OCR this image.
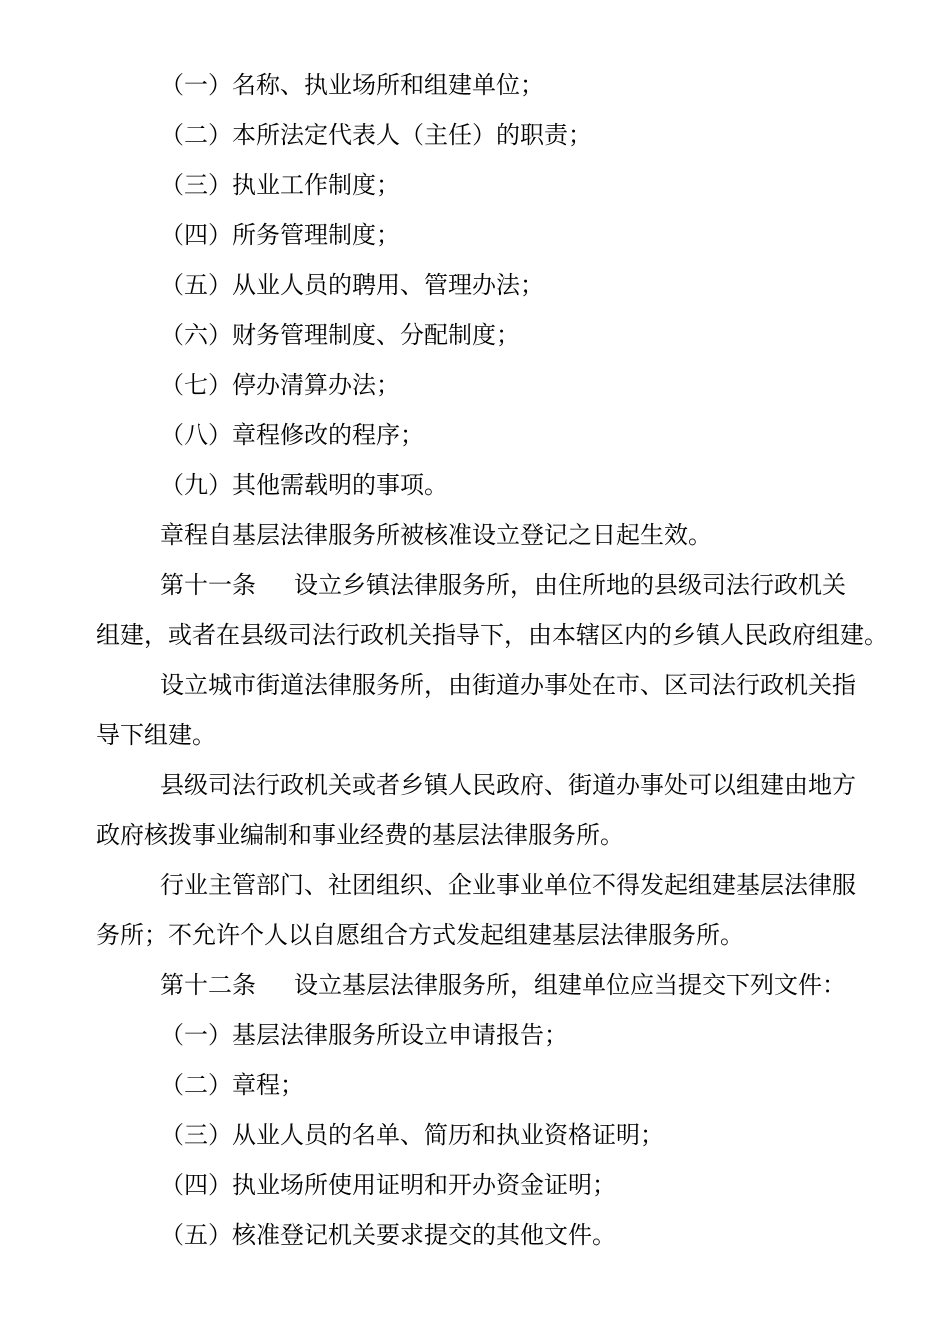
（一）名称、执业场所和组建单位；
（二）本所法定代表人（主任）的职责；
（三）执业工作制度；
（四）所务管理制度；
（五）从业人员的聘用、管理办法；
（六）财务管理制度、分配制度；
（七）停办清算办法；
（八）章程修改的程序；
（九）其他需载明的事项。
章程自基层法律服务所被核准设立登记之日起生效。
第十一条 设立乡镇法律服务所，由住所地的县级司法行政机关
组建，或者在县级司法行政机关指导下，由本辖区内的乡镇人民政府组建。
设立城市街道法律服务所，由街道办事处在市、区司法行政机关指
导下组建。
县级司法行政机关或者乡镇人民政府、街道办事处可以组建由地方
政府核拨事业编制和事业经费的基层法律服务所。
行业主管部门、社团组织、企业事业单位不得发起组建基层法律服
务所；不允许个人以自愿组合方式发起组建基层法律服务所。
第十二条 设立基层法律服务所，组建单位应当提交下列文件：
（一）基层法律服务所设立申请报告；
（二）章程；
（三）从业人员的名单、简历和执业资格证明；
（四）执业场所使用证明和开办资金证明；
（五）核准登记机关要求提交的其他文件。
